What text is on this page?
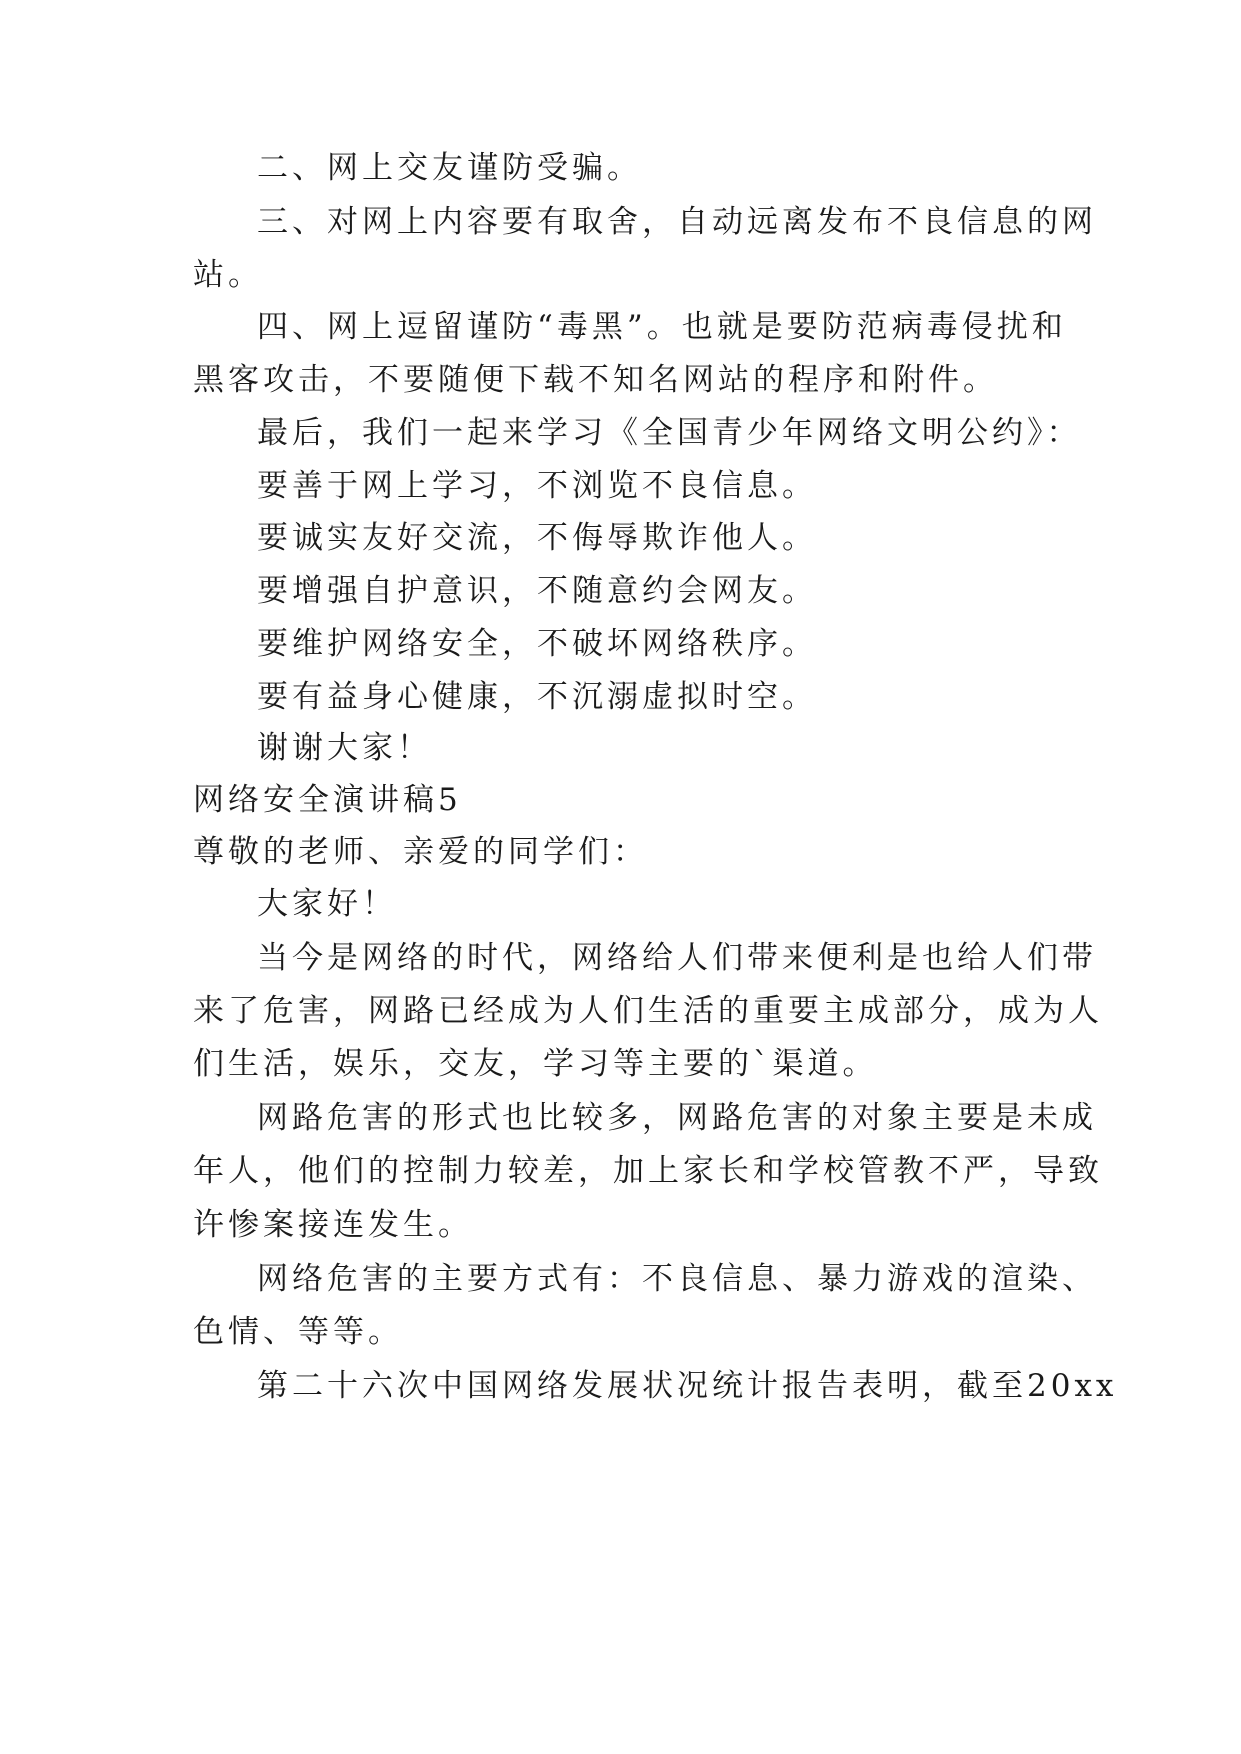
二、网上交友谨防受骗。
三、对网上内容要有取舍，自动远离发布不良信息的网
站。
四、网上逗留谨防“毒黑”。也就是要防范病毒侵扰和
黑客攻击，不要随便下载不知名网站的程序和附件。
最后，我们一起来学习《全国青少年网络文明公约》：
要善于网上学习，不浏览不良信息。
要诚实友好交流，不侮辱欺诈他人。
要增强自护意识，不随意约会网友。
要维护网络安全，不破坏网络秩序。
要有益身心健康，不沉溺虚拟时空。
谢谢大家！
网络安全演讲稿5
尊敬的老师、亲爱的同学们：
大家好！
当今是网络的时代，网络给人们带来便利是也给人们带
来了危害，网路已经成为人们生活的重要主成部分，成为人
们生活，娱乐，交友，学习等主要的`渠道。
网路危害的形式也比较多，网路危害的对象主要是未成
年人，他们的控制力较差，加上家长和学校管教不严，导致
许惨案接连发生。
网络危害的主要方式有：不良信息、暴力游戏的渲染、
色情、等等。
第二十六次中国网络发展状况统计报告表明，截至20xx
